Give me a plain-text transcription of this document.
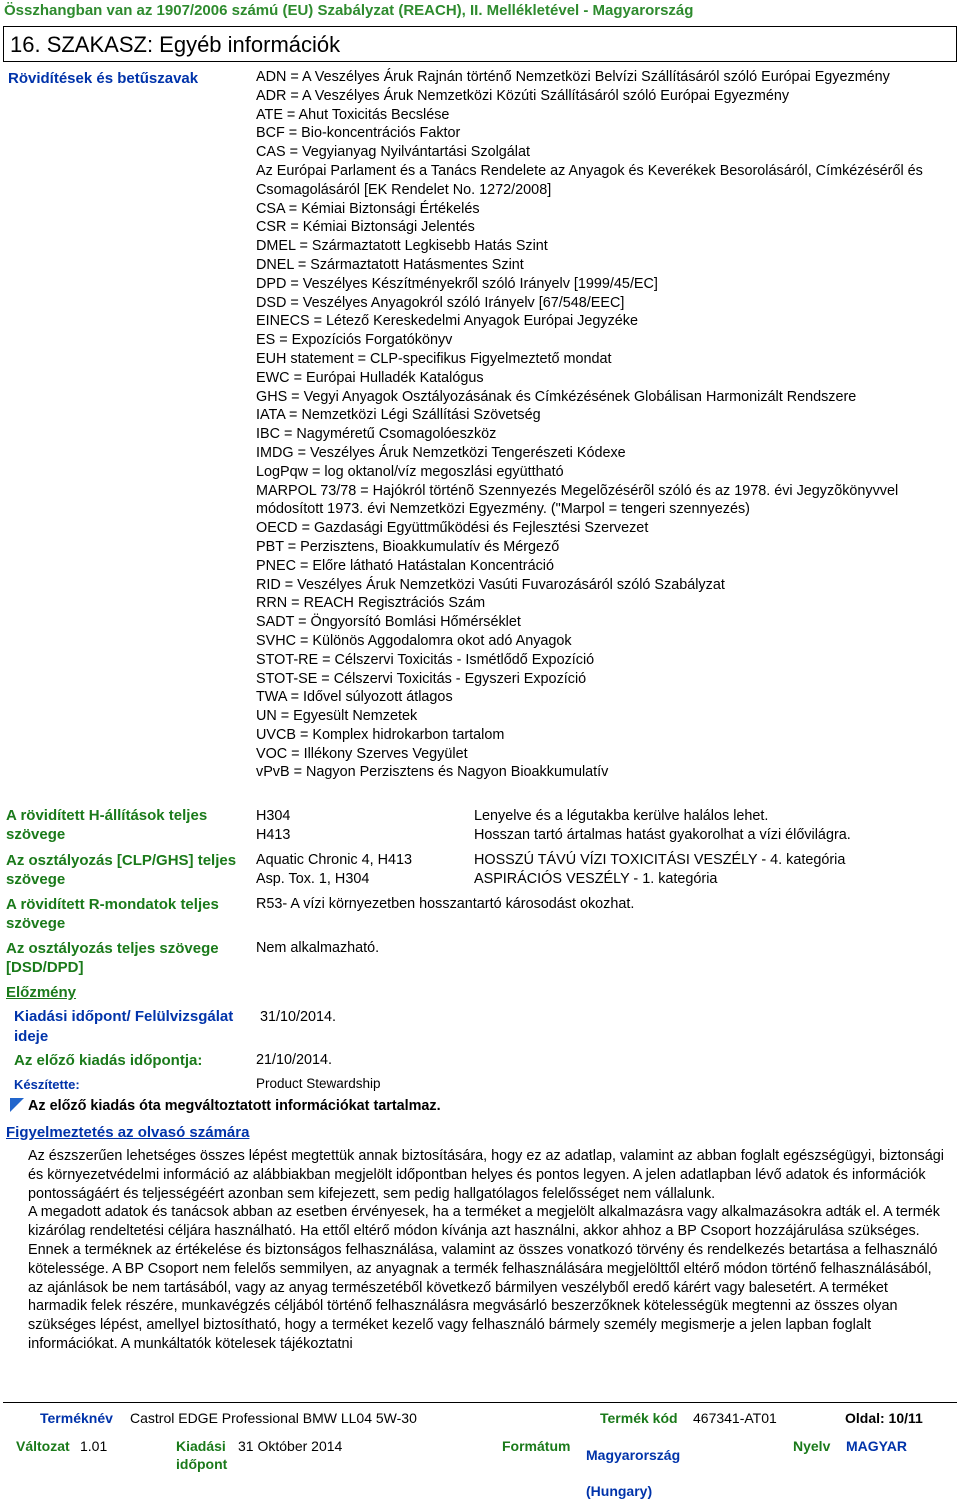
Összhangban van az 1907/2006 számú (EU) Szabályzat (REACH), II. Mellékletével - Magyarország
16. SZAKASZ: Egyéb információk
Rövidítések és betűszavak	ADN = A Veszélyes Áruk Rajnán történő Nemzetközi Belvízi Szállításáról szóló Európai Egyezmény
ADR = A Veszélyes Áruk Nemzetközi Közúti Szállításáról szóló Európai Egyezmény
ATE = Ahut Toxicitás Becslése
BCF = Bio-koncentrációs Faktor
CAS = Vegyianyag Nyilvántartási Szolgálat
Az Európai Parlament és a Tanács Rendelete az Anyagok és Keverékek Besorolásáról, Címkézéséről és Csomagolásáról [EK Rendelet No. 1272/2008]
CSA = Kémiai Biztonsági Értékelés
CSR = Kémiai Biztonsági Jelentés
DMEL = Származtatott Legkisebb Hatás Szint
DNEL = Származtatott Hatásmentes Szint
DPD = Veszélyes Készítményekről szóló Irányelv [1999/45/EC]
DSD = Veszélyes Anyagokról szóló Irányelv [67/548/EEC]
EINECS = Létező Kereskedelmi Anyagok Európai Jegyzéke
ES = Expozíciós Forgatókönyv
EUH statement = CLP-specifikus Figyelmeztető mondat
EWC = Európai Hulladék Katalógus
GHS = Vegyi Anyagok Osztályozásának és Címkézésének Globálisan Harmonizált Rendszere
IATA = Nemzetközi Légi Szállítási Szövetség
IBC = Nagyméretű Csomagolóeszköz
IMDG = Veszélyes Áruk Nemzetközi Tengerészeti Kódexe
LogPqw = log oktanol/víz megoszlási együttható
MARPOL 73/78 = Hajókról történõ Szennyezés Megelõzésérõl szóló és az 1978. évi Jegyzõkönyvvel módosított 1973. évi Nemzetközi Egyezmény. ("Marpol = tengeri szennyezés)
OECD = Gazdasági Együttműködési és Fejlesztési Szervezet
PBT = Perzisztens, Bioakkumulatív és Mérgező
PNEC = Előre látható Hatástalan Koncentráció
RID = Veszélyes Áruk Nemzetközi Vasúti Fuvarozásáról szóló Szabályzat
RRN = REACH Regisztrációs Szám
SADT = Öngyorsító Bomlási Hőmérséklet
SVHC = Különös Aggodalomra okot adó Anyagok
STOT-RE = Célszervi Toxicitás - Ismétlődő Expozíció
STOT-SE = Célszervi Toxicitás - Egyszeri Expozíció
TWA = Idővel súlyozott átlagos
UN = Egyesült Nemzetek
UVCB = Komplex hidrokarbon tartalom
VOC = Illékony Szerves Vegyület
vPvB = Nagyon Perzisztens és Nagyon Bioakkumulatív
A rövidített H-állítások teljes szövege
H304	Lenyelve és a légutakba kerülve halálos lehet.
H413	Hosszan tartó ártalmas hatást gyakorolhat a vízi élővilágra.
Az osztályozás [CLP/GHS] teljes szövege
Aquatic Chronic 4, H413	HOSSZÚ TÁVÚ VÍZI TOXICITÁSI VESZÉLY - 4. kategória
Asp. Tox. 1, H304	ASPIRÁCIÓS VESZÉLY - 1. kategória
A rövidített R-mondatok teljes szövege
R53- A vízi környezetben hosszantartó károsodást okozhat.
Az osztályozás teljes szövege [DSD/DPD]
Nem alkalmazható.
Előzmény
Kiadási időpont/ Felülvizsgálat ideje
31/10/2014.
Az előző kiadás időpontja:	21/10/2014.
Készítette:	Product Stewardship
Az előző kiadás óta megváltoztatott információkat tartalmaz.
Figyelmeztetés az olvasó számára

Az észszerűen lehetséges összes lépést megtettük annak biztosítására, hogy ez az adatlap, valamint az abban foglalt egészségügyi, biztonsági és környezetvédelmi információ az alábbiakban megjelölt időpontban helyes és pontos legyen. A jelen adatlapban lévő adatok és információk pontosságáért és teljességéért azonban sem kifejezett, sem pedig hallgatólagos felelősséget nem vállalunk.

A megadott adatok és tanácsok abban az esetben érvényesek, ha a terméket a megjelölt alkalmazásra vagy alkalmazásokra adták el. A termék kizárólag rendeltetési céljára használható. Ha ettől eltérő módon kívánja azt használni, akkor ahhoz a BP Csoport hozzájárulása szükséges.

Ennek a terméknek az értékelése és biztonságos felhasználása, valamint az összes vonatkozó törvény és rendelkezés betartása a felhasználó kötelessége. A BP Csoport nem felelős semmilyen, az anyagnak a termék felhasználására megjelölttől eltérő módon történő felhasználásából, az ajánlások be nem tartásából, vagy az anyag természetéből következő bármilyen veszélyből eredő kárért vagy balesetért. A terméket harmadik felek részére, munkavégzés céljából történő felhasználásra megvásárló beszerzőknek kötelességük megtenni az összes olyan szükséges lépést, amellyel biztosítható, hogy a terméket kezelő vagy felhasználó bármely személy megismerje a jelen lapban foglalt információkat. A munkáltatók kötelesek tájékoztatni

Terméknév Castrol EDGE Professional BMW LL04 5W-30	Termék kód 467341-AT01	Oldal: 10/11
Változat 1.01	Kiadási időpont
31 Október 2014	Formátum
Magyarország (Hungary)
Nyelv MAGYAR
